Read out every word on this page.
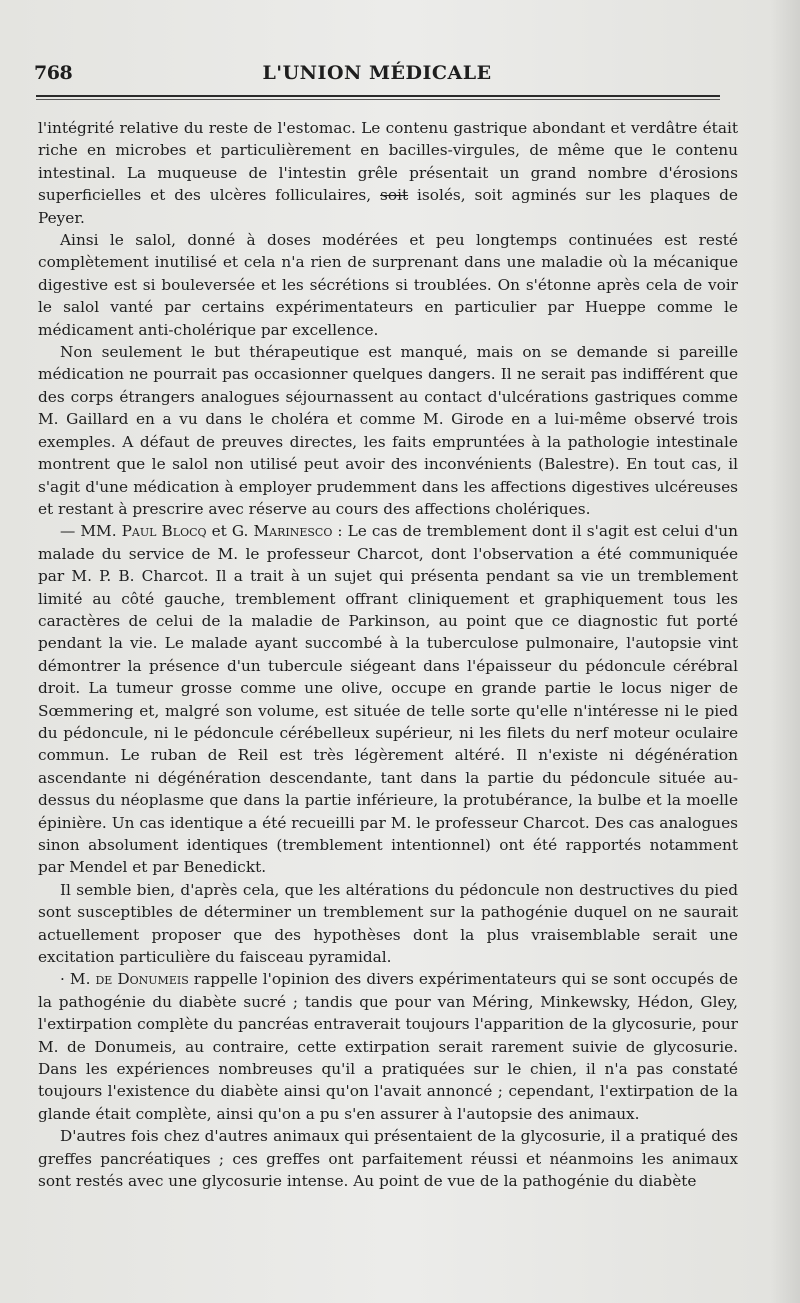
768	L'UNION MÉDICALE

l'intégrité relative du reste de l'estomac. Le contenu gastrique abondant et verdâtre était riche en microbes et particulièrement en bacilles-virgules, de même que le contenu intestinal. La muqueuse de l'intestin grêle présentait un grand nombre d'érosions superficielles et des ulcères folliculaires, soit isolés, soit agminés sur les plaques de Peyer.

Ainsi le salol, donné à doses modérées et peu longtemps continuées est resté complètement inutilisé et cela n'a rien de surprenant dans une maladie où la mécanique digestive est si bouleversée et les sécrétions si troublées. On s'étonne après cela de voir le salol vanté par certains expérimentateurs en particulier par Hueppe comme le médicament anti-cholérique par excellence.

Non seulement le but thérapeutique est manqué, mais on se demande si pareille médication ne pourrait pas occasionner quelques dangers. Il ne serait pas indifférent que des corps étrangers analogues séjournassent au contact d'ulcérations gastriques comme M. Gaillard en a vu dans le choléra et comme M. Girode en a lui-même observé trois exemples. A défaut de preuves directes, les faits empruntées à la pathologie intestinale montrent que le salol non utilisé peut avoir des inconvénients (Balestre). En tout cas, il s'agit d'une médication à employer prudemment dans les affections digestives ulcéreuses et restant à prescrire avec réserve au cours des affections cholériques.

— MM. Paul Blocq et G. Marinesco : Le cas de tremblement dont il s'agit est celui d'un malade du service de M. le professeur Charcot, dont l'observation a été communiquée par M. P. B. Charcot. Il a trait à un sujet qui présenta pendant sa vie un tremblement limité au côté gauche, tremblement offrant cliniquement et graphiquement tous les caractères de celui de la maladie de Parkinson, au point que ce diagnostic fut porté pendant la vie. Le malade ayant succombé à la tuberculose pulmonaire, l'autopsie vint démontrer la présence d'un tubercule siégeant dans l'épaisseur du pédoncule cérébral droit. La tumeur grosse comme une olive, occupe en grande partie le locus niger de Sœmmering et, malgré son volume, est située de telle sorte qu'elle n'intéresse ni le pied du pédoncule, ni le pédoncule cérébelleux supérieur, ni les filets du nerf moteur oculaire commun. Le ruban de Reil est très légèrement altéré. Il n'existe ni dégénération ascendante ni dégénération descendante, tant dans la partie du pédoncule située au-dessus du néoplasme que dans la partie inférieure, la protubérance, la bulbe et la moelle épinière. Un cas identique a été recueilli par M. le professeur Charcot. Des cas analogues sinon absolument identiques (tremblement intentionnel) ont été rapportés notamment par Mendel et par Benedickt.

Il semble bien, d'après cela, que les altérations du pédoncule non destructives du pied sont susceptibles de déterminer un tremblement sur la pathogénie duquel on ne saurait actuellement proposer que des hypothèses dont la plus vraisemblable serait une excitation particulière du faisceau pyramidal.

· M. de Donumeis rappelle l'opinion des divers expérimentateurs qui se sont occupés de la pathogénie du diabète sucré ; tandis que pour van Méring, Minkewsky, Hédon, Gley, l'extirpation complète du pancréas entraverait toujours l'apparition de la glycosurie, pour M. de Donumeis, au contraire, cette extirpation serait rarement suivie de glycosurie. Dans les expériences nombreuses qu'il a pratiquées sur le chien, il n'a pas constaté toujours l'existence du diabète ainsi qu'on l'avait annoncé ; cependant, l'extirpation de la glande était complète, ainsi qu'on a pu s'en assurer à l'autopsie des animaux.

D'autres fois chez d'autres animaux qui présentaient de la glycosurie, il a pratiqué des greffes pancréatiques ; ces greffes ont parfaitement réussi et néanmoins les animaux sont restés avec une glycosurie intense. Au point de vue de la pathogénie du diabète
